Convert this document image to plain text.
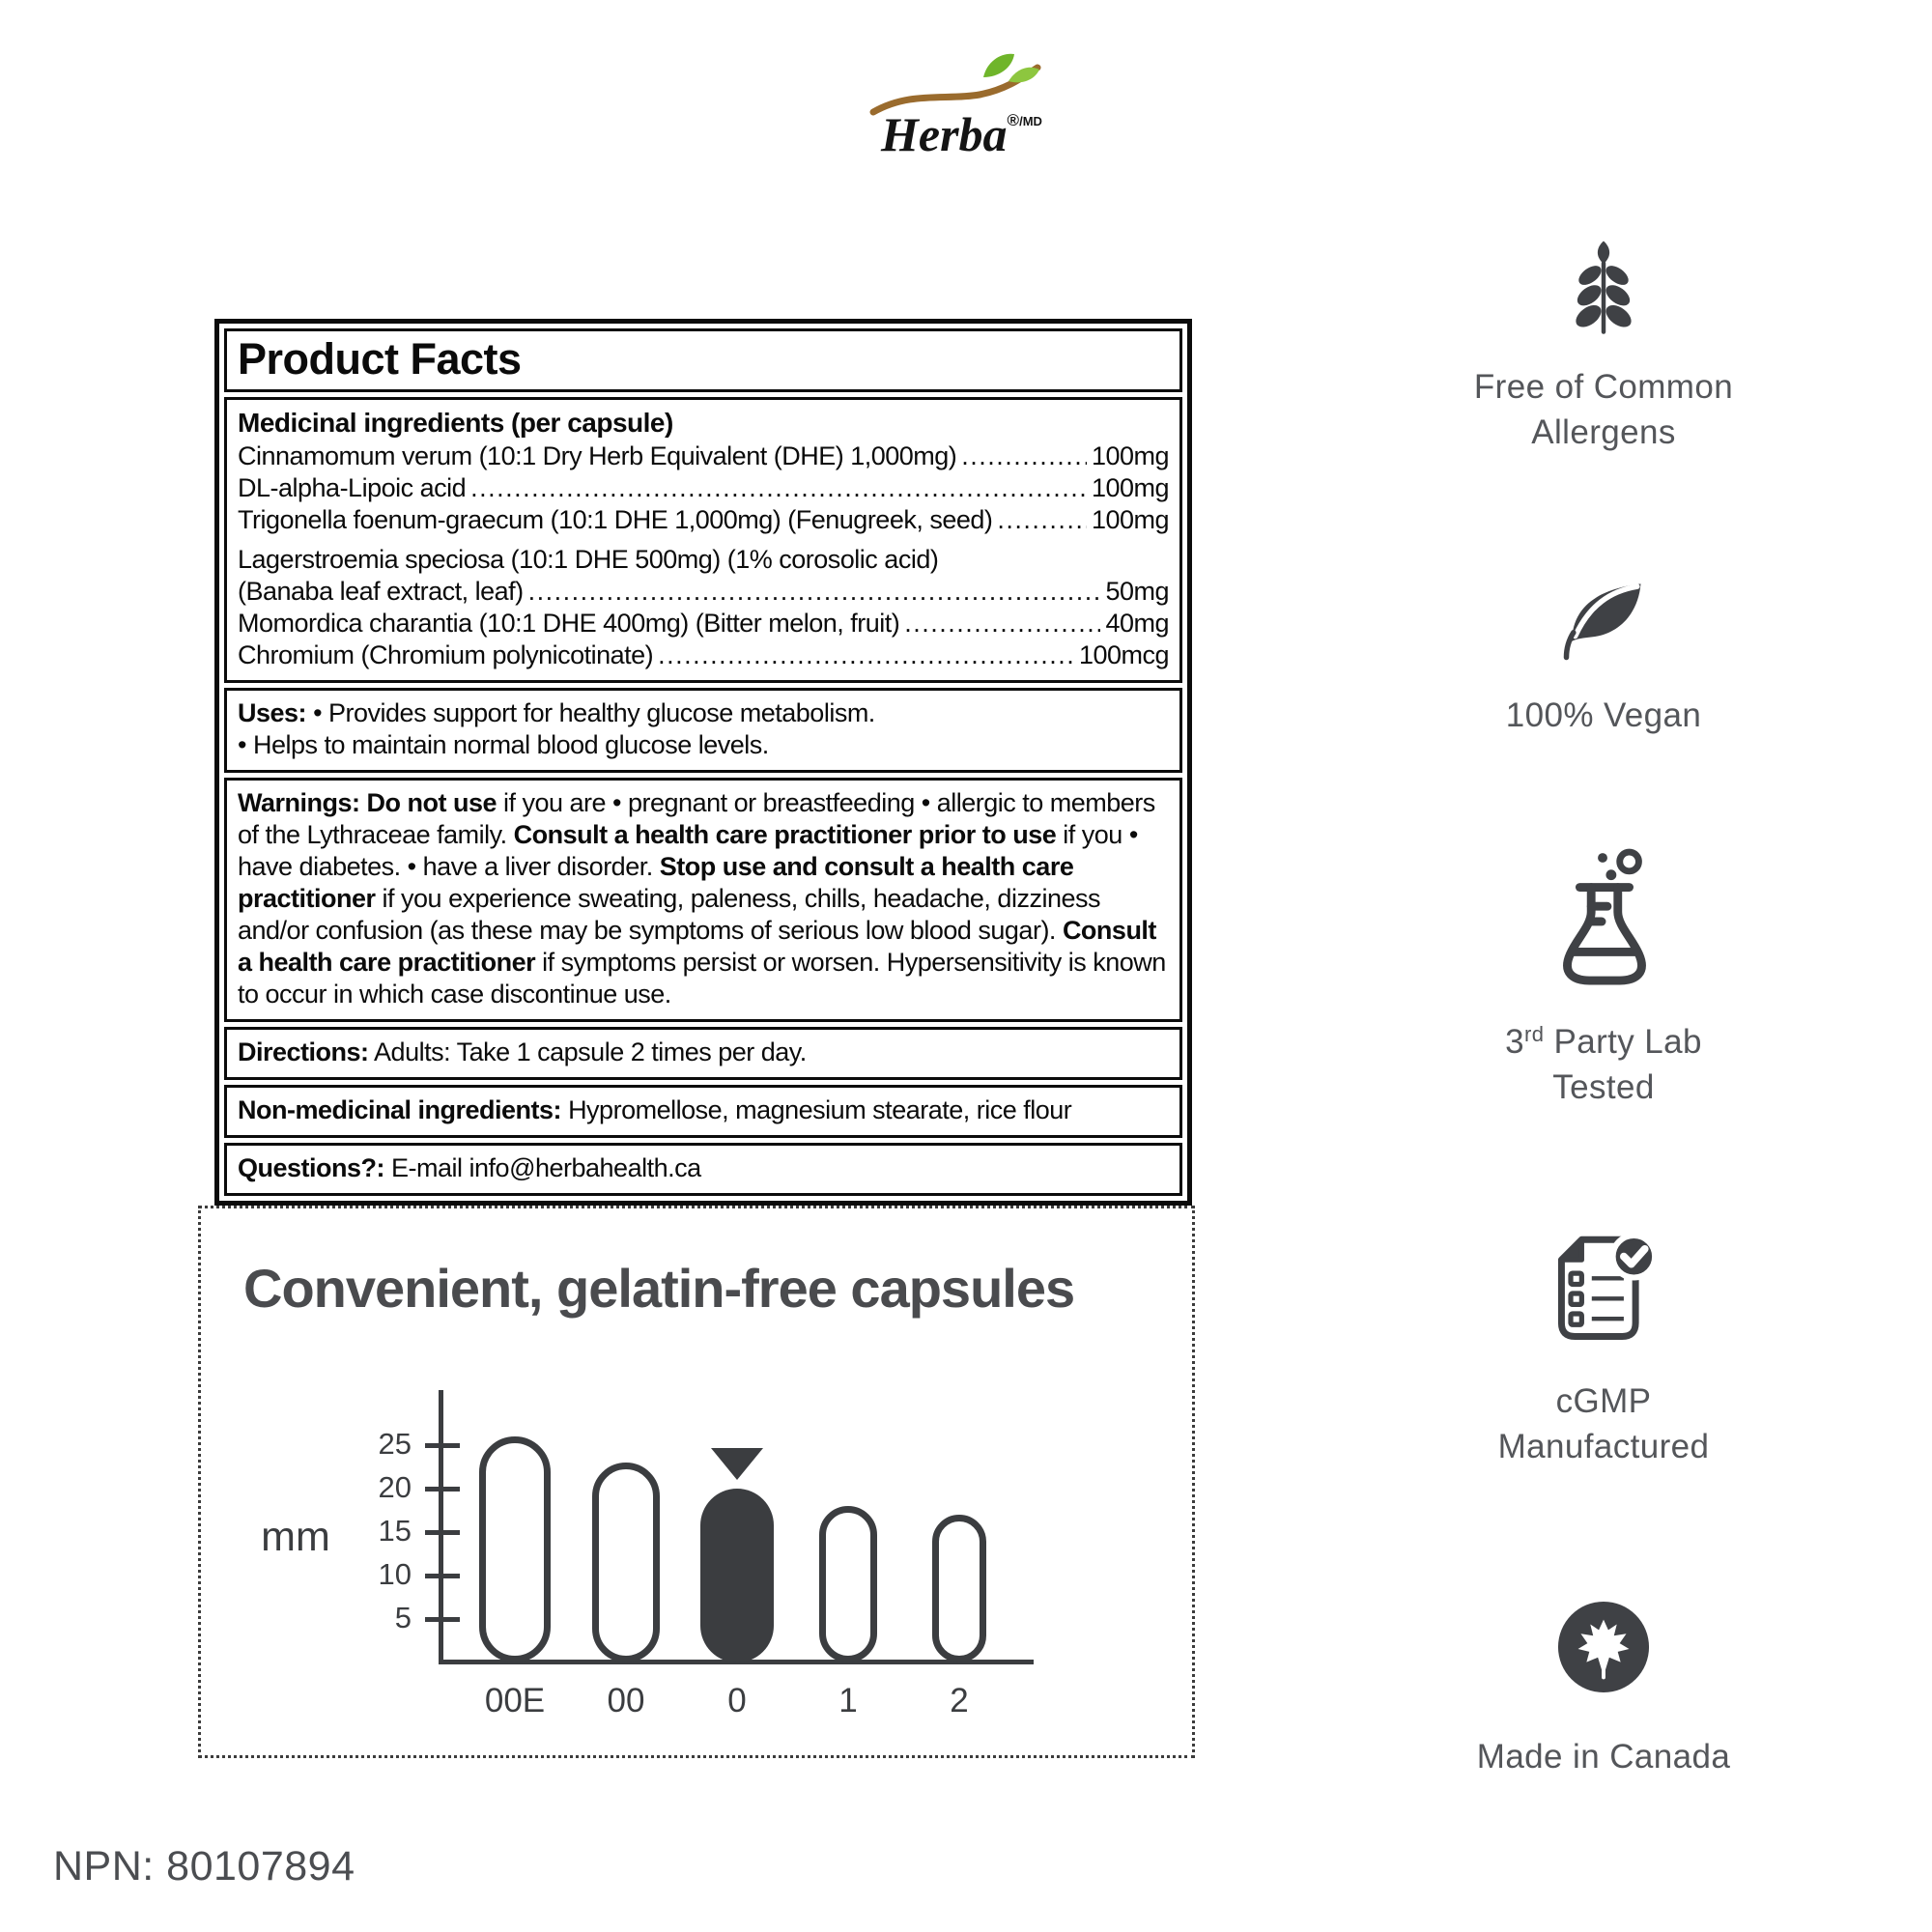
Herba$^{®/MD}$
Product Facts
Medicinal ingredients (per capsule)
Cinnamomum verum (10:1 Dry Herb Equivalent (DHE) 1,000mg) .....	100mg
DL-alpha-Lipoic acid .....	100mg
Trigonella foenum-graecum (10:1 DHE 1,000mg) (Fenugreek, seed) .....	100mg
Lagerstroemia speciosa (10:1 DHE 500mg) (1% corosolic acid)
(Banaba leaf extract, leaf) .....	50mg
Momordica charantia (10:1 DHE 400mg) (Bitter melon, fruit) .....	40mg
Chromium (Chromium polynicotinate) .....	100mcg
Uses: • Provides support for healthy glucose metabolism.
• Helps to maintain normal blood glucose levels.
Warnings: Do not use if you are • pregnant or breastfeeding • allergic to members of the Lythraceae family. Consult a health care practitioner prior to use if you • have diabetes. • have a liver disorder. Stop use and consult a health care practitioner if you experience sweating, paleness, chills, headache, dizziness and/or confusion (as these may be symptoms of serious low blood sugar). Consult a health care practitioner if symptoms persist or worsen. Hypersensitivity is known to occur in which case discontinue use.
Directions: Adults: Take 1 capsule 2 times per day.
Non-medicinal ingredients: Hypromellose, magnesium stearate, rice flour
Questions?: E-mail info@herbahealth.ca
Convenient, gelatin-free capsules
mm
5
10
15
20
25
00E	00	0	1	2
Free of Common
Allergens
100% Vegan
3rd Party Lab
Tested
cGMP
Manufactured
Made in Canada
NPN: 80107894
